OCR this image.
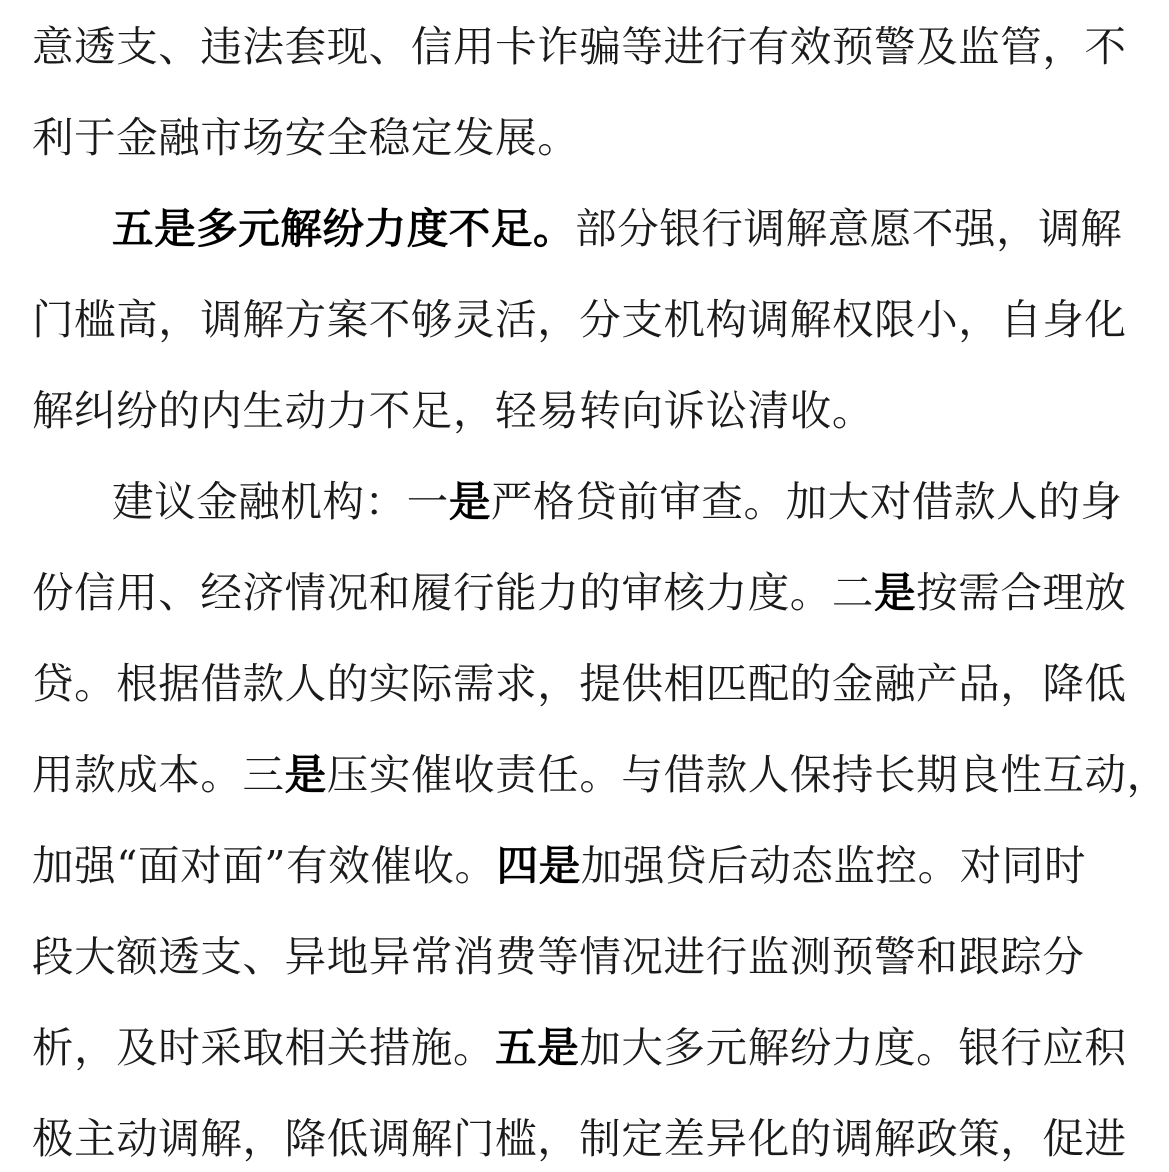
意透支、违法套现、信用卡诈骗等进行有效预警及监管，不
利于金融市场安全稳定发展。
五是多元解纷力度不足。部分银行调解意愿不强，调解
门槛高，调解方案不够灵活，分支机构调解权限小，自身化
解纠纷的内生动力不足，轻易转向诉讼清收。
建议金融机构：一是严格贷前审查。加大对借款人的身
份信用、经济情况和履行能力的审核力度。二是按需合理放
贷。根据借款人的实际需求，提供相匹配的金融产品，降低
用款成本。三是压实催收责任。与借款人保持长期良性互动，
加强“面对面”有效催收。四是加强贷后动态监控。对同时
段大额透支、异地异常消费等情况进行监测预警和跟踪分
析，及时采取相关措施。五是加大多元解纷力度。银行应积
极主动调解，降低调解门槛，制定差异化的调解政策，促进
